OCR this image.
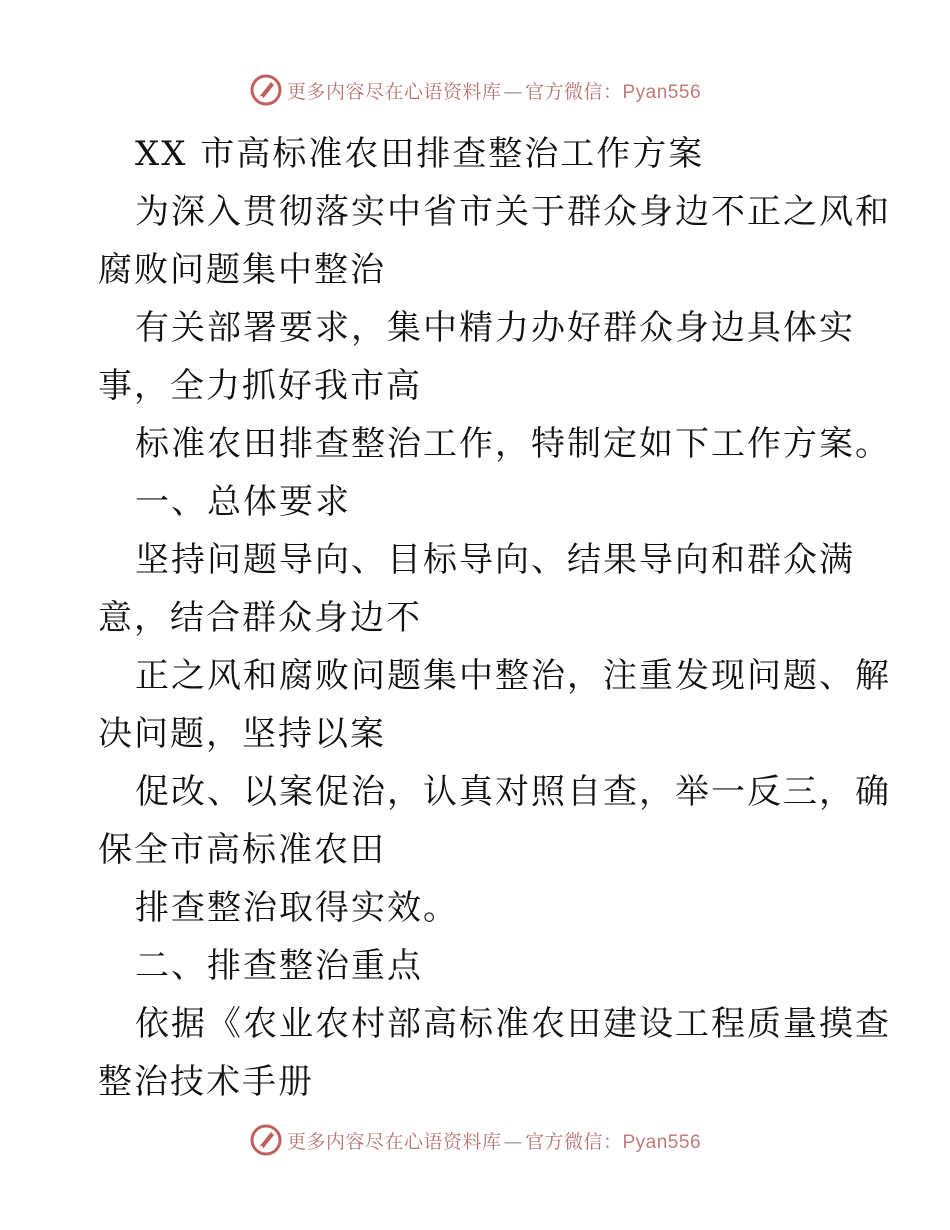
更多内容尽在心语资料库 — 官方微信：Pyan556
XX 市高标准农田排查整治工作方案
为深入贯彻落实中省市关于群众身边不正之风和
腐败问题集中整治
有关部署要求，集中精力办好群众身边具体实
事，全力抓好我市高
标准农田排查整治工作，特制定如下工作方案。
一、总体要求
坚持问题导向、目标导向、结果导向和群众满
意，结合群众身边不
正之风和腐败问题集中整治，注重发现问题、解
决问题，坚持以案
促改、以案促治，认真对照自查，举一反三，确
保全市高标准农田
排查整治取得实效。
二、排查整治重点
依据《农业农村部高标准农田建设工程质量摸查
整治技术手册
更多内容尽在心语资料库 — 官方微信：Pyan556
